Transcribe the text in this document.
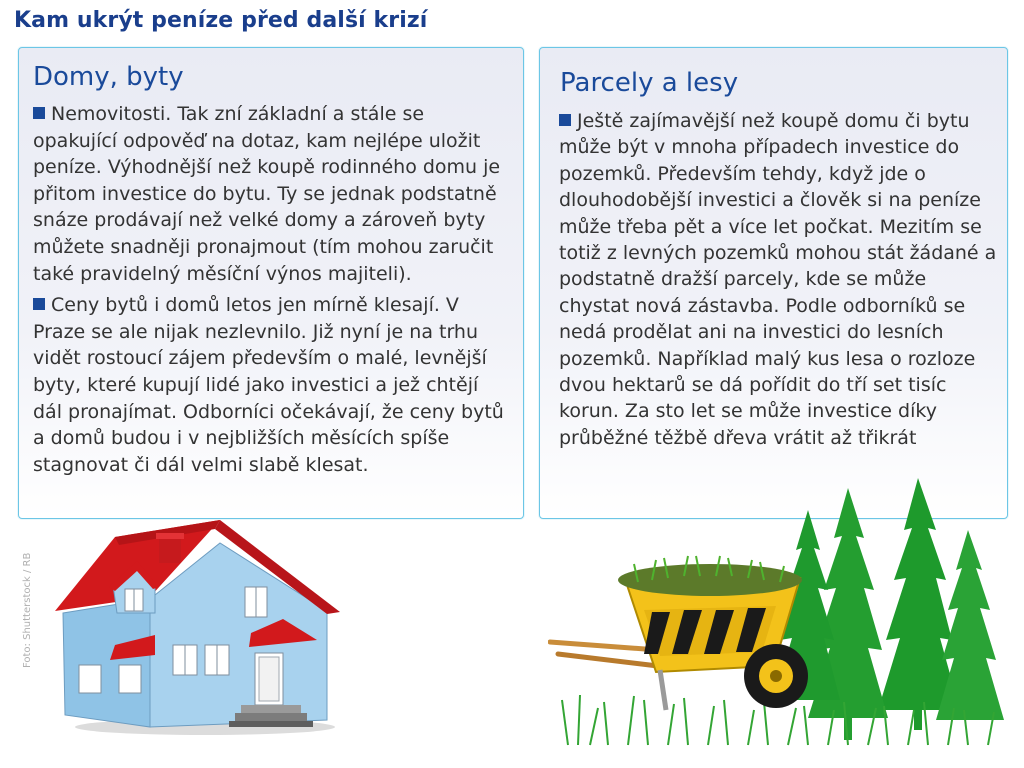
Kam ukrýt peníze před další krizí
Domy, byty

Nemovitosti. Tak zní základní a stále se opakující odpověď na dotaz, kam nejlépe uložit peníze. Výhodnější než koupě rodinného domu je přitom investice do bytu. Ty se jednak podstatně snáze prodávají než velké domy a zároveň byty můžete snadněji pronajmout (tím mohou zaručit také pravidelný měsíční výnos majiteli).

Ceny bytů i domů letos jen mírně klesají. V Praze se ale nijak nezlevnilo. Již nyní je na trhu vidět rostoucí zájem především o malé, levnější byty, které kupují lidé jako investici a jež chtějí dál pronajímat. Odborníci očekávají, že ceny bytů a domů budou i v nejbližších měsících spíše stagnovat či dál velmi slabě klesat.

Parcely a lesy

Ještě zajímavější než koupě domu či bytu může být v mnoha případech investice do pozemků. Především tehdy, když jde o dlouhodobější investici a člověk si na peníze může třeba pět a více let počkat. Mezitím se totiž z levných pozemků mohou stát žádané a podstatně dražší parcely, kde se může chystat nová zástavba. Podle odborníků se nedá prodělat ani na investici do lesních pozemků. Například malý kus lesa o rozloze dvou hektarů se dá pořídit do tří set tisíc korun. Za sto let se může investice díky průběžné těžbě dřeva vrátit až třikrát

Foto: Shutterstock / RB
